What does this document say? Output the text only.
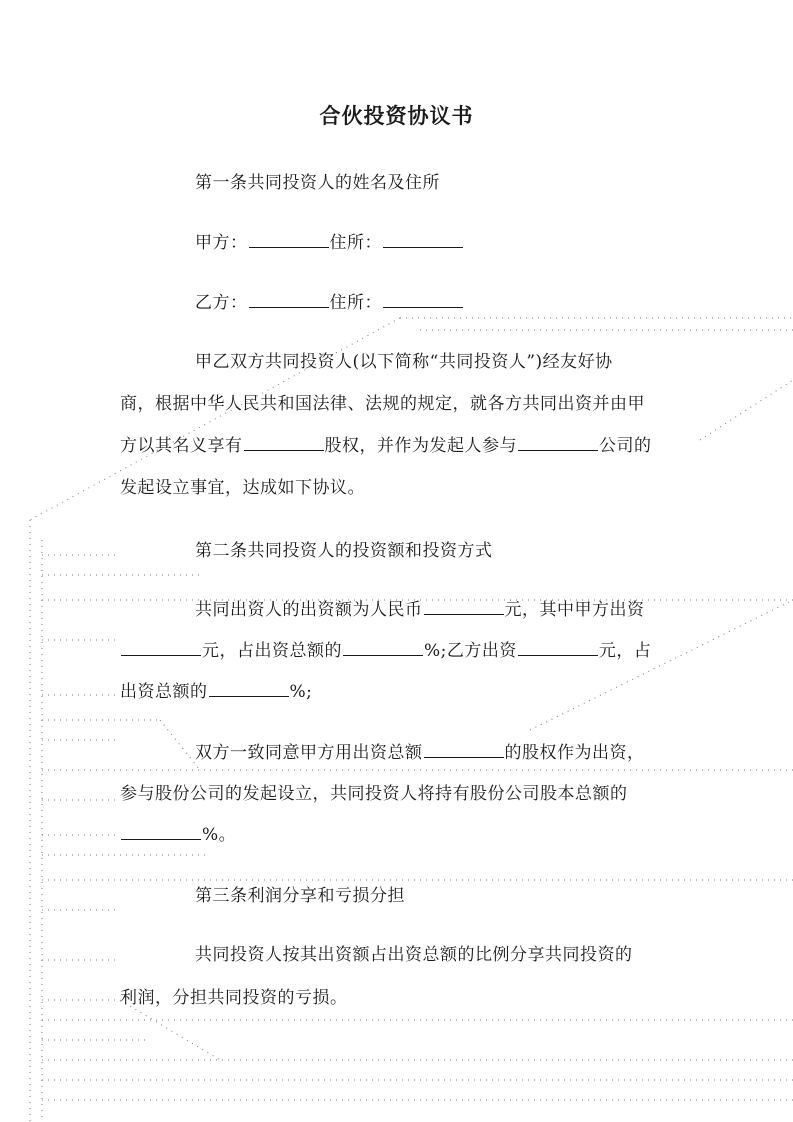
合伙投资协议书
第一条共同投资人的姓名及住所
甲方：	住所：
乙方：	住所：
甲乙双方共同投资人(以下简称“共同投资人”)经友好协
商，根据中华人民共和国法律、法规的规定，就各方共同出资并由甲
方以其名义享有	股权，并作为发起人参与	公司的
发起设立事宜，达成如下协议。
第二条共同投资人的投资额和投资方式
共同出资人的出资额为人民币	元，其中甲方出资
元，占出资总额的	%;乙方出资	元，占
出资总额的	%;
双方一致同意甲方用出资总额	的股权作为出资，
参与股份公司的发起设立，共同投资人将持有股份公司股本总额的
%。
第三条利润分享和亏损分担
共同投资人按其出资额占出资总额的比例分享共同投资的
利润，分担共同投资的亏损。
